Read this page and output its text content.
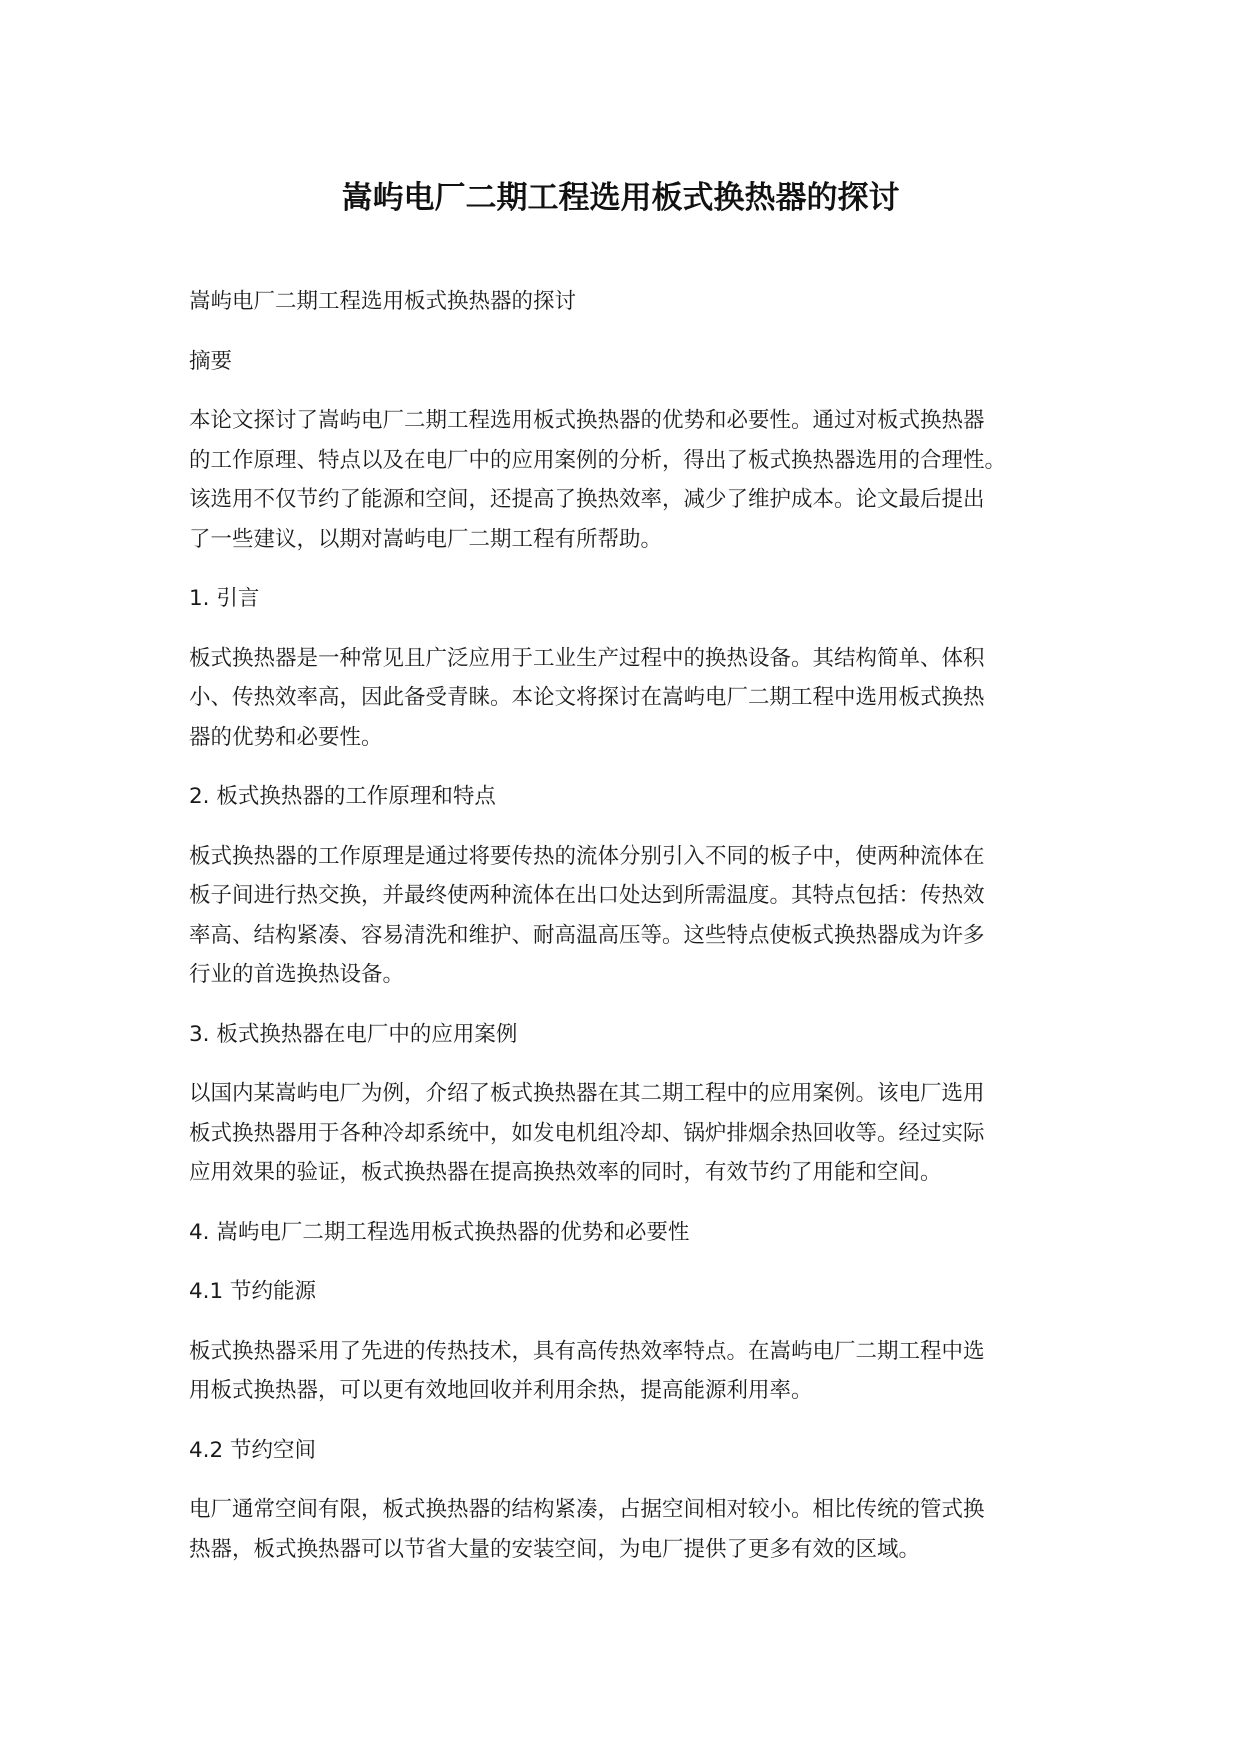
嵩屿电厂二期工程选用板式换热器的探讨

嵩屿电厂二期工程选用板式换热器的探讨

摘要

本论文探讨了嵩屿电厂二期工程选用板式换热器的优势和必要性。通过对板式换热器

的工作原理、特点以及在电厂中的应用案例的分析，得出了板式换热器选用的合理性。

该选用不仅节约了能源和空间，还提高了换热效率，减少了维护成本。论文最后提出

了一些建议，以期对嵩屿电厂二期工程有所帮助。

1. 引言

板式换热器是一种常见且广泛应用于工业生产过程中的换热设备。其结构简单、体积

小、传热效率高，因此备受青睐。本论文将探讨在嵩屿电厂二期工程中选用板式换热

器的优势和必要性。

2. 板式换热器的工作原理和特点

板式换热器的工作原理是通过将要传热的流体分别引入不同的板子中，使两种流体在

板子间进行热交换，并最终使两种流体在出口处达到所需温度。其特点包括：传热效

率高、结构紧凑、容易清洗和维护、耐高温高压等。这些特点使板式换热器成为许多

行业的首选换热设备。

3. 板式换热器在电厂中的应用案例

以国内某嵩屿电厂为例，介绍了板式换热器在其二期工程中的应用案例。该电厂选用

板式换热器用于各种冷却系统中，如发电机组冷却、锅炉排烟余热回收等。经过实际

应用效果的验证，板式换热器在提高换热效率的同时，有效节约了用能和空间。

4. 嵩屿电厂二期工程选用板式换热器的优势和必要性

4.1 节约能源

板式换热器采用了先进的传热技术，具有高传热效率特点。在嵩屿电厂二期工程中选

用板式换热器，可以更有效地回收并利用余热，提高能源利用率。

4.2 节约空间

电厂通常空间有限，板式换热器的结构紧凑，占据空间相对较小。相比传统的管式换

热器，板式换热器可以节省大量的安装空间，为电厂提供了更多有效的区域。
